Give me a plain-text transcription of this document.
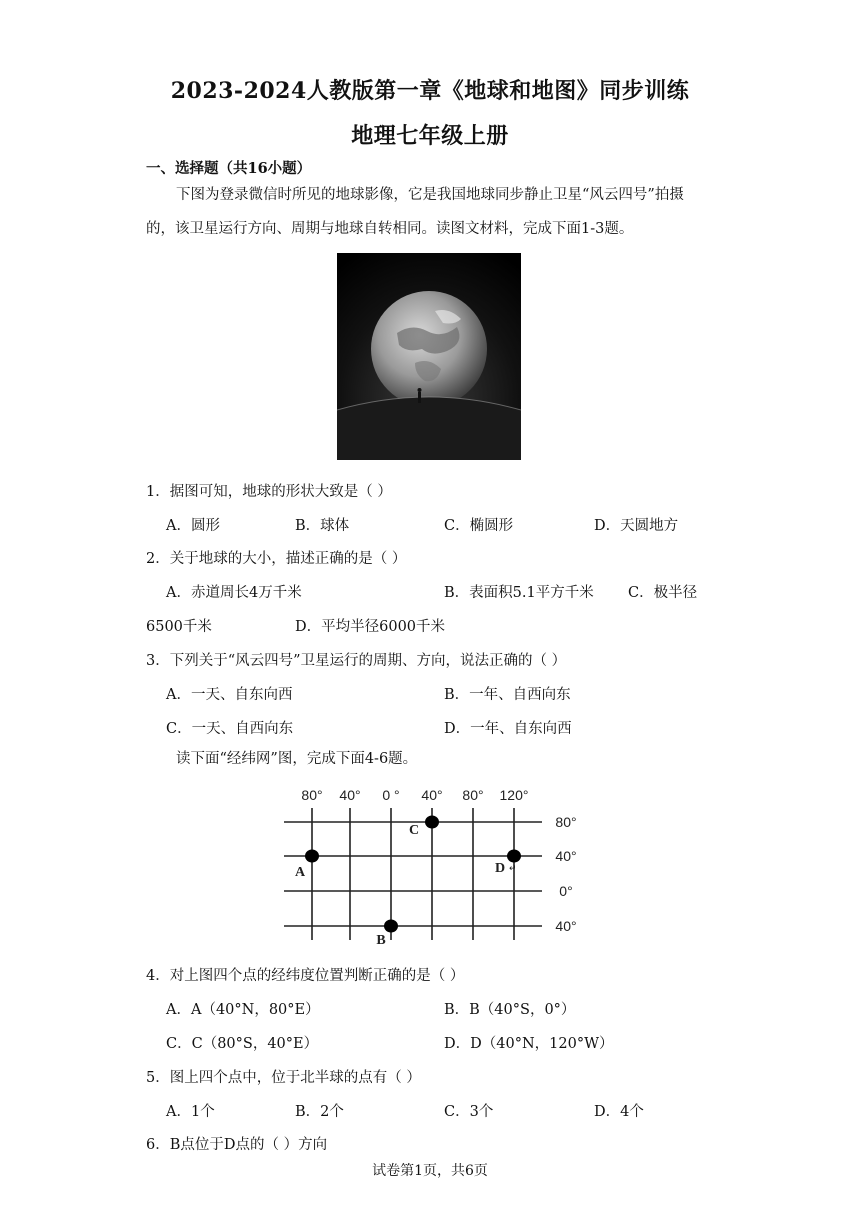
2023-2024人教版第一章《地球和地图》同步训练
地理七年级上册
一、选择题（共16小题）
下图为登录微信时所见的地球影像，它是我国地球同步静止卫星“风云四号”拍摄
的，该卫星运行方向、周期与地球自转相同。读图文材料，完成下面1-3题。
1．据图可知，地球的形状大致是（ ）
A．圆形	B．球体	C．椭圆形	D．天圆地方
2．关于地球的大小，描述正确的是（ ）
A．赤道周长4万千米	B．表面积5.1平方千米 C．极半径
6500千米	D．平均半径6000千米
3．下列关于“风云四号”卫星运行的周期、方向，说法正确的（ ）
A．一天、自东向西	B．一年、自西向东
C．一天、自西向东	D．一年、自东向西
读下面“经纬网”图，完成下面4-6题。
80° 40° 0 ° 40° 80° 120°
80°
40°
0°
40°
A
B
C
D ↵
4．对上图四个点的经纬度位置判断正确的是（ ）
A．A（40°N，80°E）	B．B（40°S，0°）
C．C（80°S，40°E）	D．D（40°N，120°W）
5．图上四个点中，位于北半球的点有（ ）
A．1个	B．2个	C．3个	D．4个
6．B点位于D点的（ ）方向
试卷第1页，共6页
